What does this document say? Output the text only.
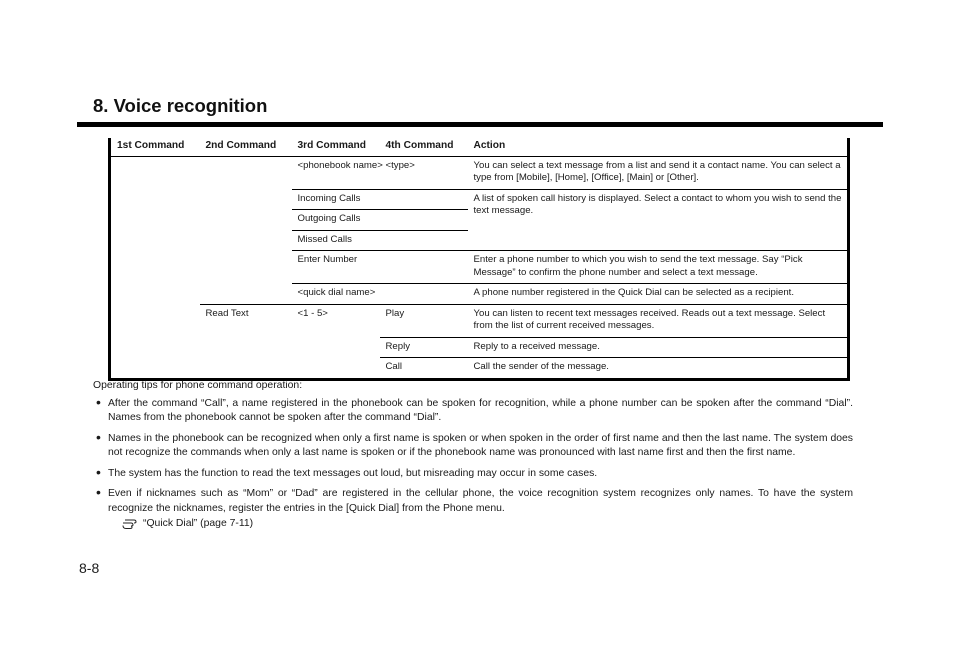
8. Voice recognition
1st Command	2nd Command	3rd Command	4th Command	Action
		<phonebook name> <type>		You can select a text message from a list and send it a contact name. You can select a type from [Mobile], [Home], [Office], [Main] or [Other].
		Incoming Calls		A list of spoken call history is displayed. Select a contact to whom you wish to send the text message.
		Outgoing Calls		
		Missed Calls		
		Enter Number		Enter a phone number to which you wish to send the text message. Say “Pick Message” to confirm the phone number and select a text message.
		<quick dial name>		A phone number registered in the Quick Dial can be selected as a recipient.
	Read Text	<1 - 5>	Play	You can listen to recent text messages received. Reads out a text message. Select from the list of current received messages.
			Reply	Reply to a received message.
			Call	Call the sender of the message.

Operating tips for phone command operation:

• After the command “Call”, a name registered in the phonebook can be spoken for recognition, while a phone number can be spoken after the command “Dial”. Names from the phonebook cannot be spoken after the command “Dial”.
• Names in the phonebook can be recognized when only a first name is spoken or when spoken in the order of first name and then the last name. The system does not recognize the commands when only a last name is spoken or if the phonebook name was pronounced with last name first and then the first name.
• The system has the function to read the text messages out loud, but misreading may occur in some cases.
• Even if nicknames such as “Mom” or “Dad” are registered in the cellular phone, the voice recognition system recognizes only names. To have the system recognize the nicknames, register the entries in the [Quick Dial] from the Phone menu.
“Quick Dial” (page 7-11)
8-8
